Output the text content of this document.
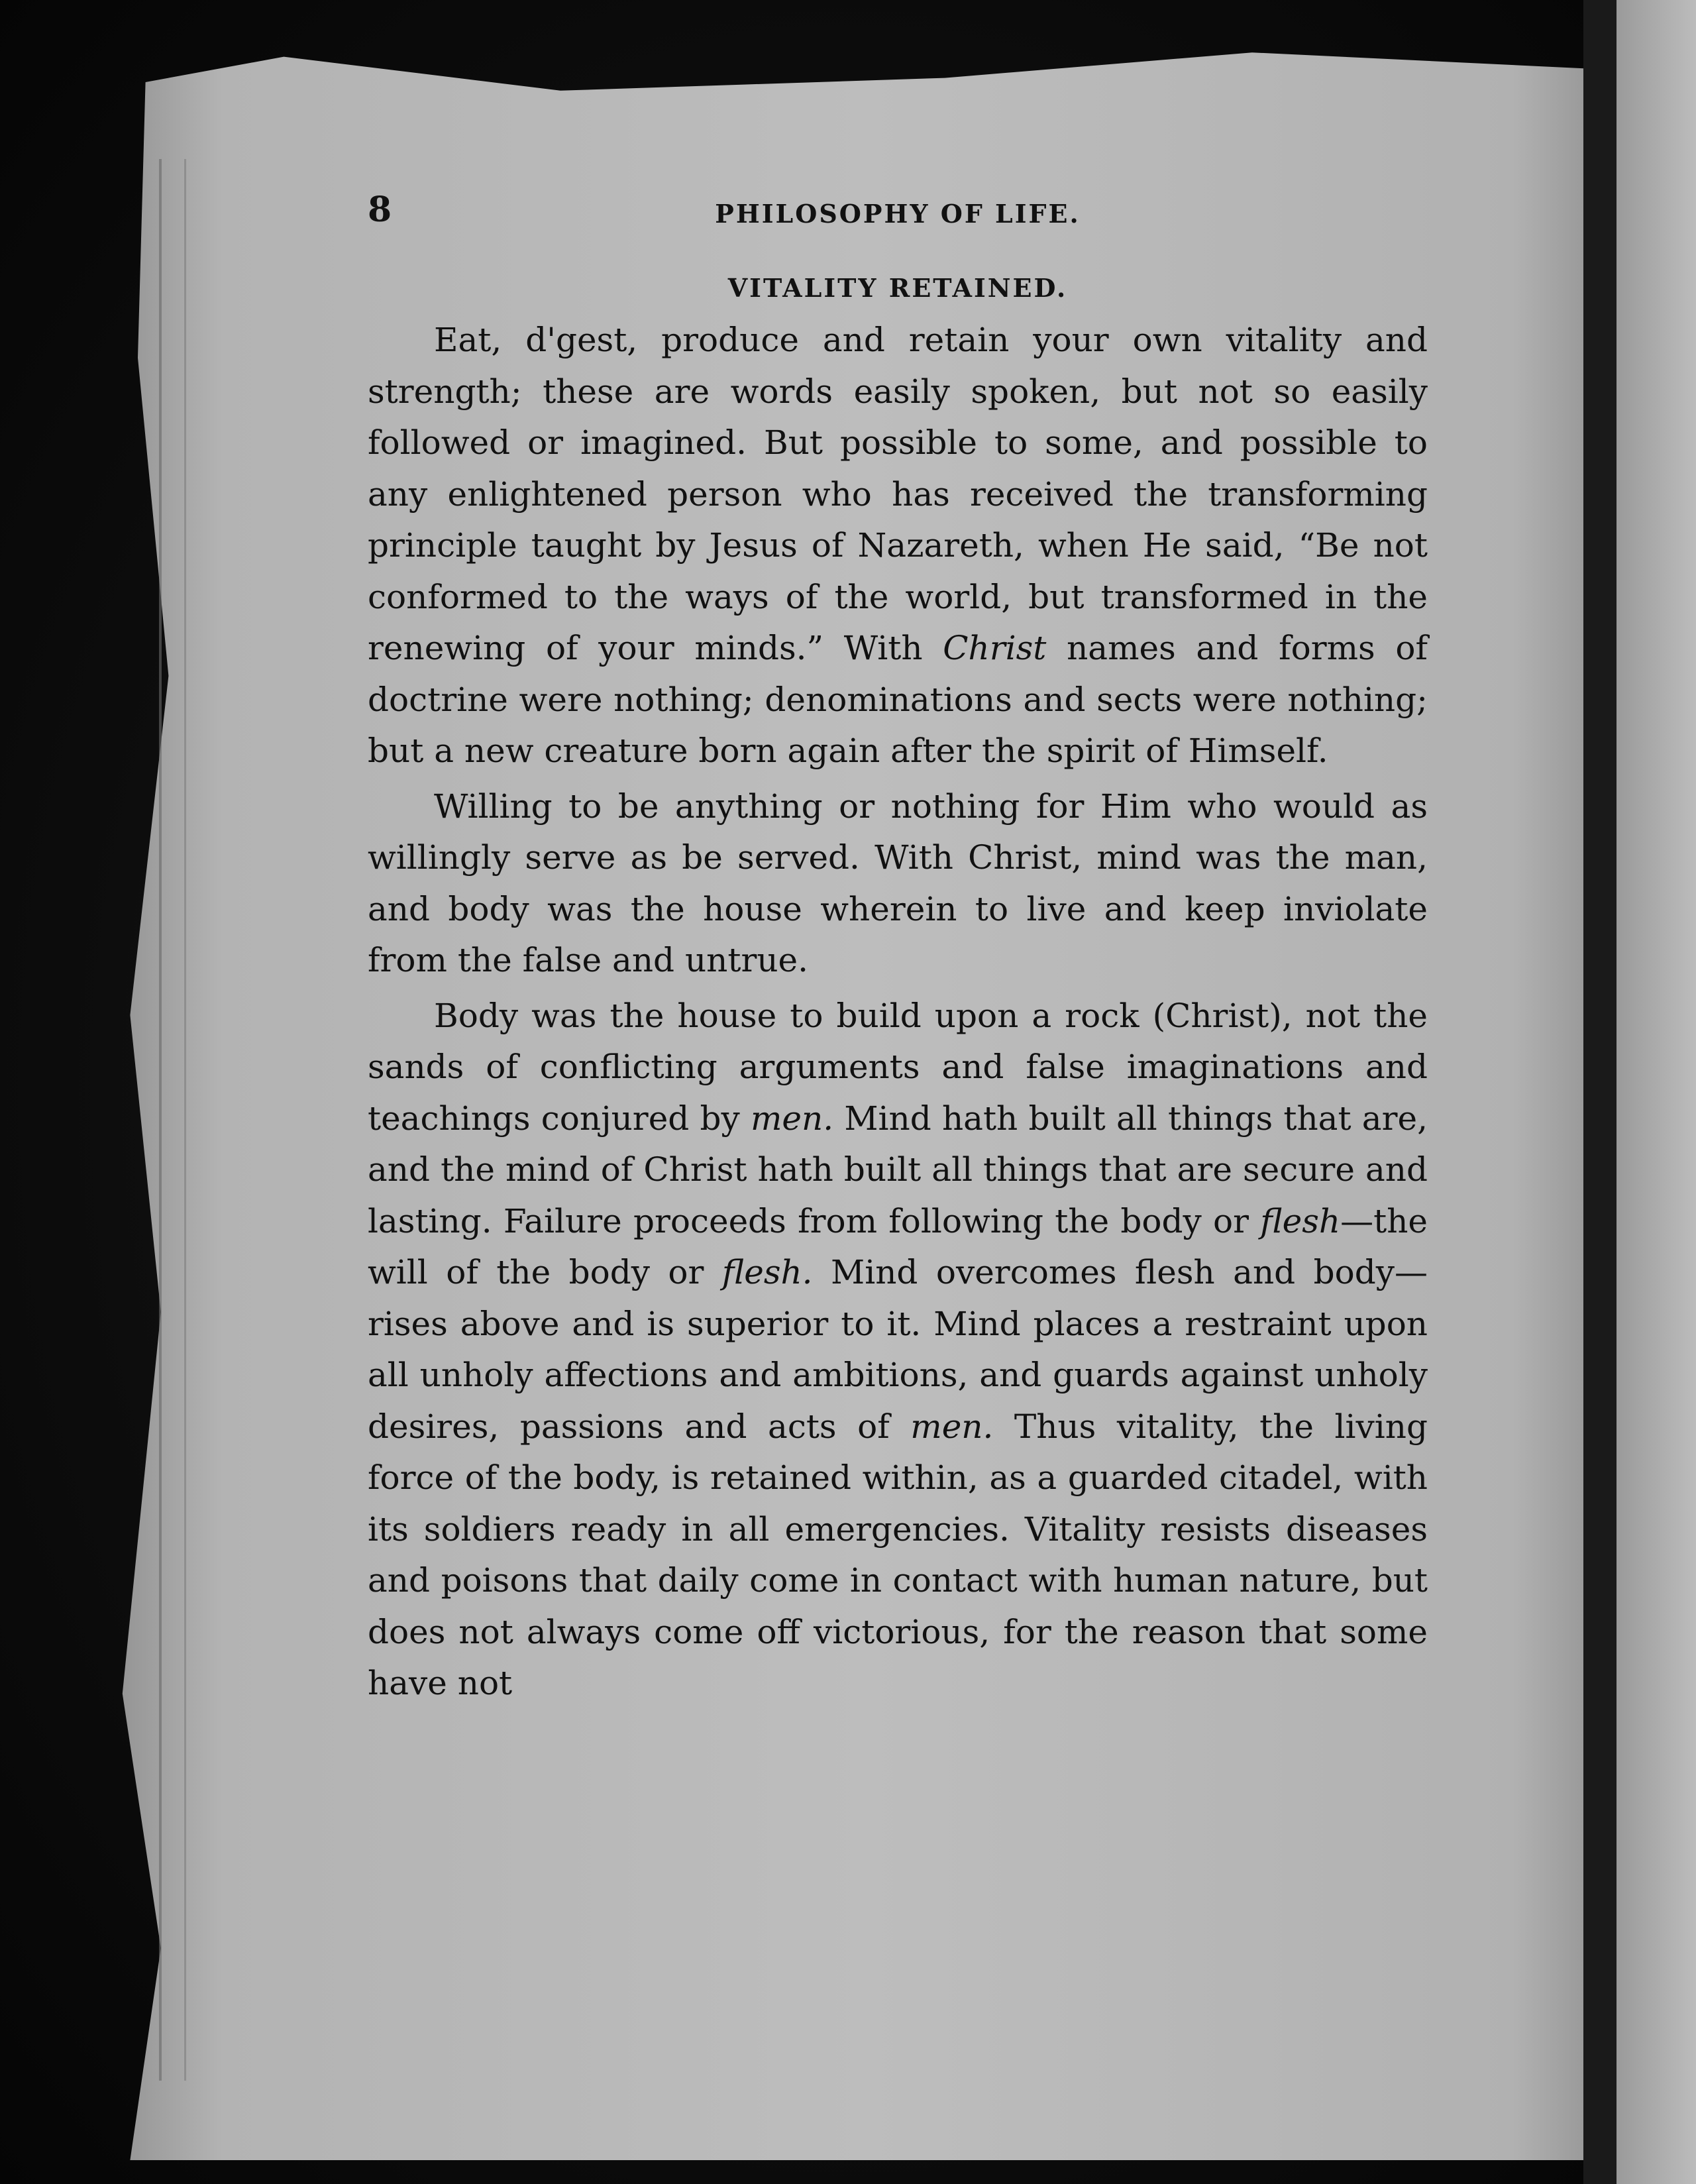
8	PHILOSOPHY OF LIFE.
VITALITY RETAINED.

Eat, d'gest, produce and retain your own vitality and strength; these are words easily spoken, but not so easily followed or imagined. But possible to some, and possible to any enlightened person who has received the transforming principle taught by Jesus of Nazareth, when He said, “Be not conformed to the ways of the world, but transformed in the renewing of your minds.” With Christ names and forms of doctrine were nothing; denominations and sects were nothing; but a new creature born again after the spirit of Himself.

Willing to be anything or nothing for Him who would as willingly serve as be served. With Christ, mind was the man, and body was the house wherein to live and keep inviolate from the false and untrue.

Body was the house to build upon a rock (Christ), not the sands of conflicting arguments and false imaginations and teachings conjured by men. Mind hath built all things that are, and the mind of Christ hath built all things that are secure and lasting. Failure proceeds from following the body or flesh—the will of the body or flesh. Mind overcomes flesh and body—rises above and is superior to it. Mind places a restraint upon all unholy affections and ambitions, and guards against unholy desires, passions and acts of men. Thus vitality, the living force of the body, is retained within, as a guarded citadel, with its soldiers ready in all emergencies. Vitality resists diseases and poisons that daily come in contact with human nature, but does not always come off victorious, for the reason that some have not
